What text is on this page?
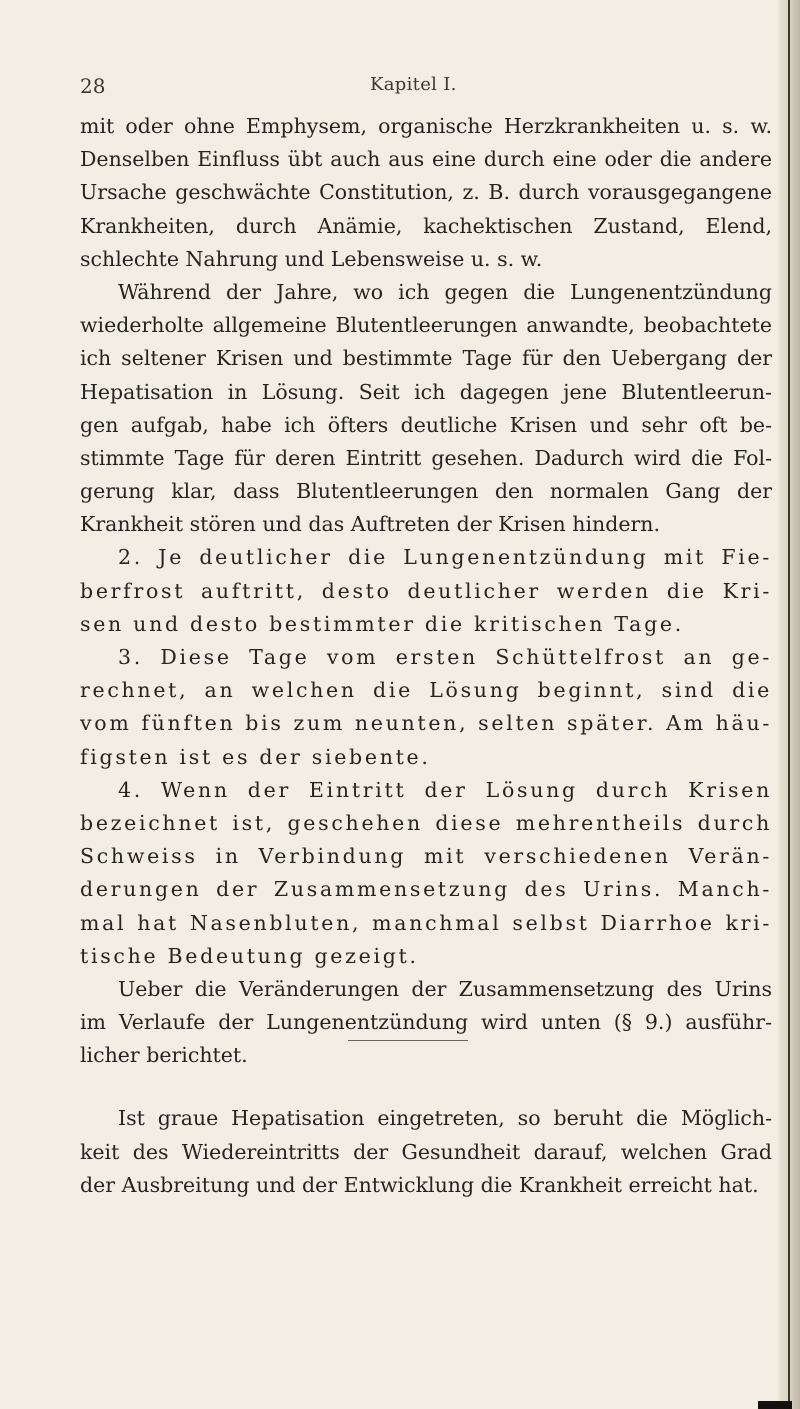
28	Kapitel I.
mit oder ohne Emphysem, organische Herzkrankheiten u. s. w.
Denselben Einfluss übt auch aus eine durch eine oder die andere
Ursache geschwächte Constitution, z. B. durch vorausgegangene
Krankheiten, durch Anämie, kachektischen Zustand, Elend,
schlechte Nahrung und Lebensweise u. s. w.
Während der Jahre, wo ich gegen die Lungenentzündung
wiederholte allgemeine Blutentleerungen anwandte, beobachtete
ich seltener Krisen und bestimmte Tage für den Uebergang der
Hepatisation in Lösung. Seit ich dagegen jene Blutentleerun-
gen aufgab, habe ich öfters deutliche Krisen und sehr oft be-
stimmte Tage für deren Eintritt gesehen. Dadurch wird die Fol-
gerung klar, dass Blutentleerungen den normalen Gang der
Krankheit stören und das Auftreten der Krisen hindern.
2. Je deutlicher die Lungenentzündung mit Fie-
berfrost auftritt, desto deutlicher werden die Kri-
sen und desto bestimmter die kritischen Tage.
3. Diese Tage vom ersten Schüttelfrost an ge-
rechnet, an welchen die Lösung beginnt, sind die
vom fünften bis zum neunten, selten später. Am häu-
figsten ist es der siebente.
4. Wenn der Eintritt der Lösung durch Krisen
bezeichnet ist, geschehen diese mehrentheils durch
Schweiss in Verbindung mit verschiedenen Verän-
derungen der Zusammensetzung des Urins. Manch-
mal hat Nasenbluten, manchmal selbst Diarrhoe kri-
tische Bedeutung gezeigt.
Ueber die Veränderungen der Zusammensetzung des Urins
im Verlaufe der Lungenentzündung wird unten (§ 9.) ausführ-
licher berichtet.
Ist graue Hepatisation eingetreten, so beruht die Möglich-
keit des Wiedereintritts der Gesundheit darauf, welchen Grad
der Ausbreitung und der Entwicklung die Krankheit erreicht hat.
